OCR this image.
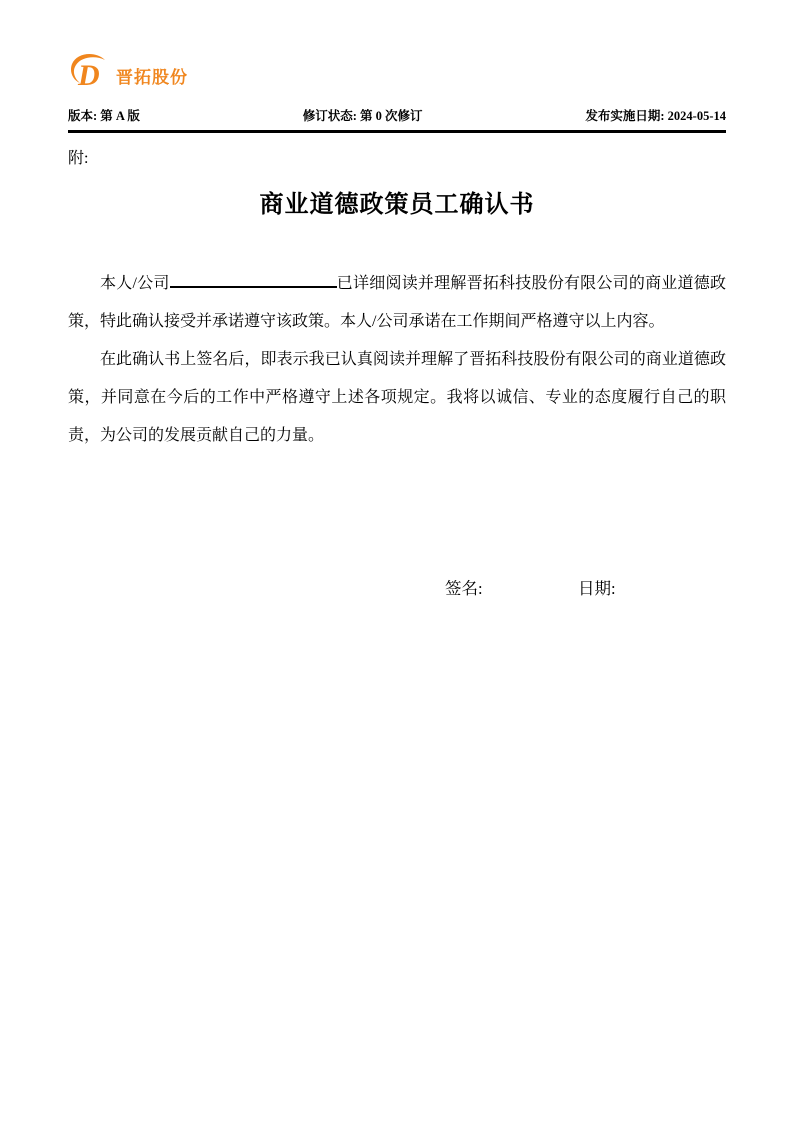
D 晋拓股份
版本: 第 A 版	修订状态: 第 0 次修订	发布实施日期: 2024-05-14
附:
商业道德政策员工确认书

本人/公司	已详细阅读并理解晋拓科技股份有限公司的商业道德政策，特此确认接受并承诺遵守该政策。本人/公司承诺在工作期间严格遵守以上内容。

在此确认书上签名后，即表示我已认真阅读并理解了晋拓科技股份有限公司的商业道德政策，并同意在今后的工作中严格遵守上述各项规定。我将以诚信、专业的态度履行自己的职责，为公司的发展贡献自己的力量。

签名:	日期:
